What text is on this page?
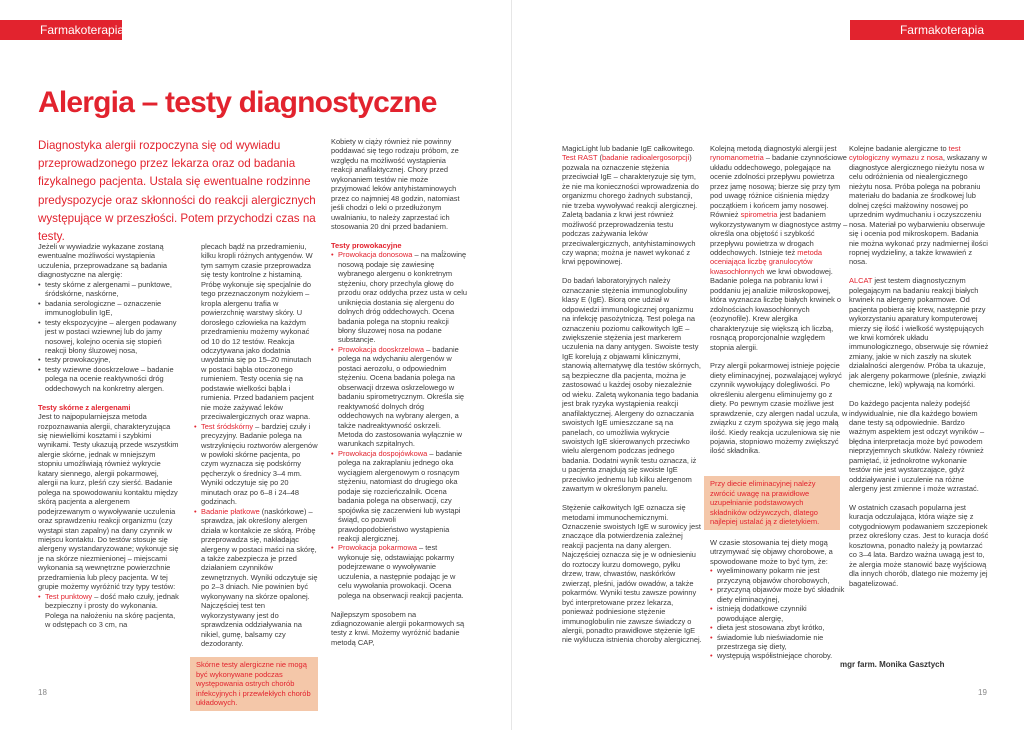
Farmakoterapia
Alergia – testy diagnostyczne

Diagnostyka alergii rozpoczyna się od wywiadu przeprowadzonego przez lekarza oraz od badania fizykalnego pacjenta. Ustala się ewentualne rodzinne predyspozycje oraz skłonności do reakcji alergicznych występujące w przeszłości. Potem przychodzi czas na testy.

Jeżeli w wywiadzie wykazane zostaną ewentualne możliwości wystąpienia uczulenia, przeprowadzane są badania diagnostyczne na alergię:

• testy skórne z alergenami – punktowe, śródskórne, naskórne,
• badania serologiczne – oznaczenie immunoglobulin IgE,
• testy ekspozycyjne – alergen podawany jest w postaci wziewnej lub do jamy nosowej, kolejno ocenia się stopień reakcji błony śluzowej nosa,
• testy prowokacyjne,
• testy wziewne dooskrzelowe – badanie polega na ocenie reaktywności dróg oddechowych na konkretny alergen.

Testy skórne z alergenami

Jest to najpopularniejsza metoda rozpoznawania alergii, charakteryzująca się niewielkimi kosztami i szybkimi wynikami. Testy ukazują przede wszystkim alergie skórne, jednak w mniejszym stopniu umożliwiają również wykrycie katarу siennego, alergii pokarmowej, alergii na kurz, pleśń czy sierść. Badanie polega na spowodowaniu kontaktu między skórą pacjenta a alergenem podejrzewanym o wywoływanie uczulenia oraz sprawdzeniu reakcji organizmu (czy wystąpi stan zapalny) na dany czynnik w miejscu kontaktu. Do testów stosuje się alergeny wystandaryzowane; wykonuje się je na skórze niezmienionej – miejscami wykonania są wewnętrzne powierzchnie przedramienia lub plecy pacjenta. W tej grupie możemy wyróżnić trzy typy testów:

• Test punktowy – dość mało czuły, jednak bezpieczny i prosty do wykonania. Polega na nałożeniu na skórę pacjenta, w odstępach co 3 cm, na

plecach bądź na przedramieniu, kilku kropli różnych antygenów. W tym samym czasie przeprowadza się testy kontrolne z histaminą. Próbę wykonuje się specjalnie do tego przeznaczonym nożykiem – kropla alergenu trafia w powierzchnię warstwy skóry. U dorosłego człowieka na każdym przedramieniu możemy wykonać od 10 do 12 testów. Reakcja odczytywana jako dodatnia uwydatnia się po 15–20 minutach w postaci bąbla otoczonego rumieniem. Testy ocenia się na podstawie wielkości bąbla i rumienia. Przed badaniem pacjent nie może zażywać leków przeciwalergicznych oraz wapna.

• Test śródskórny – bardziej czuły i precyzyjny. Badanie polega na wstrzyknięciu roztworów alergenów w powłoki skórne pacjenta, po czym wyznacza się podskórny pęcherzyk o średnicy 3–4 mm. Wyniki odczytuje się po 20 minutach oraz po 6–8 i 24–48 godzinach.
• Badanie płatkowe (naskórkowe) – sprawdza, jak określony alergen działa w kontakcie ze skórą. Próbę przeprowadza się, nakładając alergeny w postaci maści na skórę, a także zabezpiecza je przed działaniem czynników zewnętrznych. Wyniki odczytuje się po 2–3 dniach. Nie powinien być wykonywany na skórze opalonej. Najczęściej test ten wykorzystywany jest do sprawdzenia oddziaływania na nikiel, gumę, balsamy czy dezodoranty.
Skórne testy alergiczne nie mogą być wykonywane podczas występowania ostrych chorób infekcyjnych i przewlekłych chorób układowych.

Kobiety w ciąży również nie powinny poddawać się tego rodzaju próbom, ze względu na możliwość wystąpienia reakcji anafilaktycznej. Chory przed wykonaniem testów nie może przyjmować leków antyhistaminowych przez co najmniej 48 godzin, natomiast jeśli chodzi o leki o przedłużonym uwalnianiu, to należy zaprzestać ich stosowania 20 dni przed badaniem.

Testy prowokacyjne

• Prowokacja donosowa – na maĺżowinę nosową podaje się zawiesinę wybranego alergenu o konkretnym stężeniu, chory przechyla głowę do przodu oraz oddycha przez usta w celu uniknięcia dostania się alergenu do dolnych dróg oddechowych. Ocena badania polega na stopniu reakcji błony śluzowej nosa na podane substancje.
• Prowokacja dooskrzelowa – badanie polega na wdychaniu alergenów w postaci aerozolu, o odpowiednim stężeniu. Ocena badania polega na obserwacji drzewa oskrzelowego w badaniu spirometrycznym. Określa się reaktywność dolnych dróg oddechowych na wybrany alergen, a także nadreaktywność oskrzeli. Metoda do zastosowania wyłącznie w warunkach szpitalnych.
• Prowokacja dospojówkowa – badanie polega na zakraplaniu jednego oka wyciągiem alergenowym o rosnącym stężeniu, natomiast do drugiego oka podaje się rozcieńczalnik. Ocena badania polega na obserwacji, czy spojówka się zaczerwieni lub wystąpi świąd, co pozwoli prawdopodobieństwo wystąpienia reakcji alergicznej.
• Prowokacja pokarmowa – test wykonuje się, odstawiając pokarmy podejrzewane o wywoływanie uczulenia, a następnie podając je w celu wywołania prowokacji. Ocena polega na obserwacji reakcji pacjenta.

Najlepszym sposobem na zdiagnozowanie alergii pokarmowych są testy z krwi. Możemy wyróżnić badanie metodą CAP,

18
Farmakoterapia

MagicLight lub badanie IgE całkowitego. Test RAST (badanie radioalergosorpcji) pozwala na oznaczenie stężenia przeciwciał IgE – charakteryzuje się tym, że nie ma konieczności wprowadzenia do organizmu chorego żadnych substancji, nie trzeba wywoływać reakcji alergicznej. Zaletą badania z krwi jest również możliwość przeprowadzenia testu podczas zażywania leków przeciwalergicznych, antyhistaminowych czy wapna; można je nawet wykonać z krwi pępowinowej.

Do badań laboratoryjnych należy oznaczanie stężenia immunoglobuliny klasy E (IgE). Biorą one udział w odpowiedzi immunologicznej organizmu na infekcję pasożytniczą. Test polega na oznaczeniu poziomu całkowitych IgE – zwiększenie stężenia jest markerem uczulenia na dany antygen. Swoiste testy IgE korelują z objawami klinicznymi, stanowią alternatywę dla testów skórnych, są bezpieczne dla pacjenta, można je zastosować u każdej osoby niezależnie od wieku. Zaletą wykonania tego badania jest brak ryzyka wystąpienia reakcji anafilaktycznej. Alergeny do oznaczania swoistych IgE umieszczane są na panelach, co umożliwia wykrycie swoistych IgE skierowanych przeciwko wielu alergenom podczas jednego badania. Dodatni wynik testu oznacza, iż u pacjenta znajdują się swoiste IgE przeciwko jednemu lub kilku alergenom zawartym w określonym panelu.

Stężenie całkowitych IgE oznacza się metodami immunochemicznymi. Oznaczenie swoistych IgE w surowicy jest znaczące dla potwierdzenia zależnej reakcji pacjenta na dany alergen. Najczęściej oznacza się je w odniesieniu do roztoczy kurzu domowego, pyłku drzew, traw, chwastów, naskórków zwierząt, pleśni, jadów owadów, a także pokarmów. Wyniki testu zawsze powinny być interpretowane przez lekarza, ponieważ podniesione stężenie immunoglobulin nie zawsze świadczy o alergii, ponadto prawidłowe stężenie IgE nie wyklucza istnienia choroby alergicznej.

Kolejną metodą diagnostyki alergii jest rynomanometria – badanie czynnościowe układu oddechowego, polegające na ocenie zdolności przepływu powietrza przez jamę nosową; bierze się przy tym pod uwagę różnice ciśnienia między początkiem i końcem jamy nosowej. Również spirometria jest badaniem wykorzystywanym w diagnostyce astmy – określa ona objętość i szybkość przepływu powietrza w drogach oddechowych. Istnieje też metoda oceniająca liczbę granulocytów kwasochłonnych we krwi obwodowej. Badanie polega na pobraniu krwi i poddaniu jej analizie mikroskopowej, która wyznacza liczbę białych krwinek o zdolnościach kwasochłonnych (eozynofile). Krew alergika charakteryzuje się większą ich liczbą, rosnącą proporcjonalnie względem stopnia alergii.

Przy alergii pokarmowej istnieje pojęcie diety eliminacyjnej, pozwalającej wykryć czynnik wywołujący dolegliwości. Po określeniu alergenu eliminujemy go z diety. Po pewnym czasie możliwe jest sprawdzenie, czy alergen nadal uczula, w związku z czym spożywa się jego małą ilość. Kiedy reakcja uczuleniowa się nie pojawia, stopniowo możemy zwiększyć ilość składnika.

Przy diecie eliminacyjnej należy zwrócić uwagę na prawidłowe uzupełnianie podstawowych składników odżywczych, dlatego najlepiej ustalać ją z dietetykiem.

W czasie stosowania tej diety mogą utrzymywać się objawy chorobowe, a spowodowane może to być tym, że:

• wyeliminowany pokarm nie jest przyczyną objawów chorobowych,
• przyczyną objawów może być składnik diety eliminacyjnej,
• istnieją dodatkowe czynniki powodujące alergię,
• dieta jest stosowana zbyt krótko,
• świadomie lub nieświadomie nie przestrzega się diety,
• występują współistniejące choroby.

Kolejne badanie alergiczne to test cytologiczny wymazu z nosa, wskazany w diagnostyce alergicznego nieżytu nosa w celu odróżnienia od niealergicznego nieżytu nosa. Próba polega na pobraniu materiału do badania ze środkowej lub dolnej części małżowiny nosowej po uprzednim wydmuchaniu i oczyszczeniu nosa. Materiał po wybarwieniu obserwuje się i ocenia pod mikroskopem. Badania nie można wykonać przy nadmiernej ilości ropnej wydzieliny, a także krwawień z nosa.

ALCAT jest testem diagnostycznym polegającym na badaniu reakcji białych krwinek na alergeny pokarmowe. Od pacjenta pobiera się krew, następnie przy wykorzystaniu aparatury komputerowej mierzy się ilość i wielkość występujących we krwi komórek układu immunologicznego, obserwuje się również zmiany, jakie w nich zaszły na skutek działalności alergenów. Próba ta ukazuje, jak alergeny pokarmowe (pleśnie, związki chemiczne, leki) wpływają na komórki.

Do każdego pacjenta należy podejść indywidualnie, nie dla każdego bowiem dane testy są odpowiednie. Bardzo ważnym aspektem jest odczyt wyników – błędna interpretacja może być powodem nieprzyjemnych skutków. Należy również pamiętać, iż jednokrotne wykonanie testów nie jest wystarczające, gdyż oddziaływanie i uczulenie na różne alergeny jest zmienne i może wzrastać.

W ostatnich czasach popularna jest kuracja odczulająca, która wiąże się z cotygodniowym podawaniem szczepionek przez określony czas. Jest to kuracja dość kosztowna, ponadto należy ją powtarzać co 3–4 lata. Bardzo ważna uwagą jest to, że alergia może stanowić bazę wyjściową dla innych chorób, dlatego nie możemy jej bagatelizować.

19
mgr farm. Monika Gasztych
